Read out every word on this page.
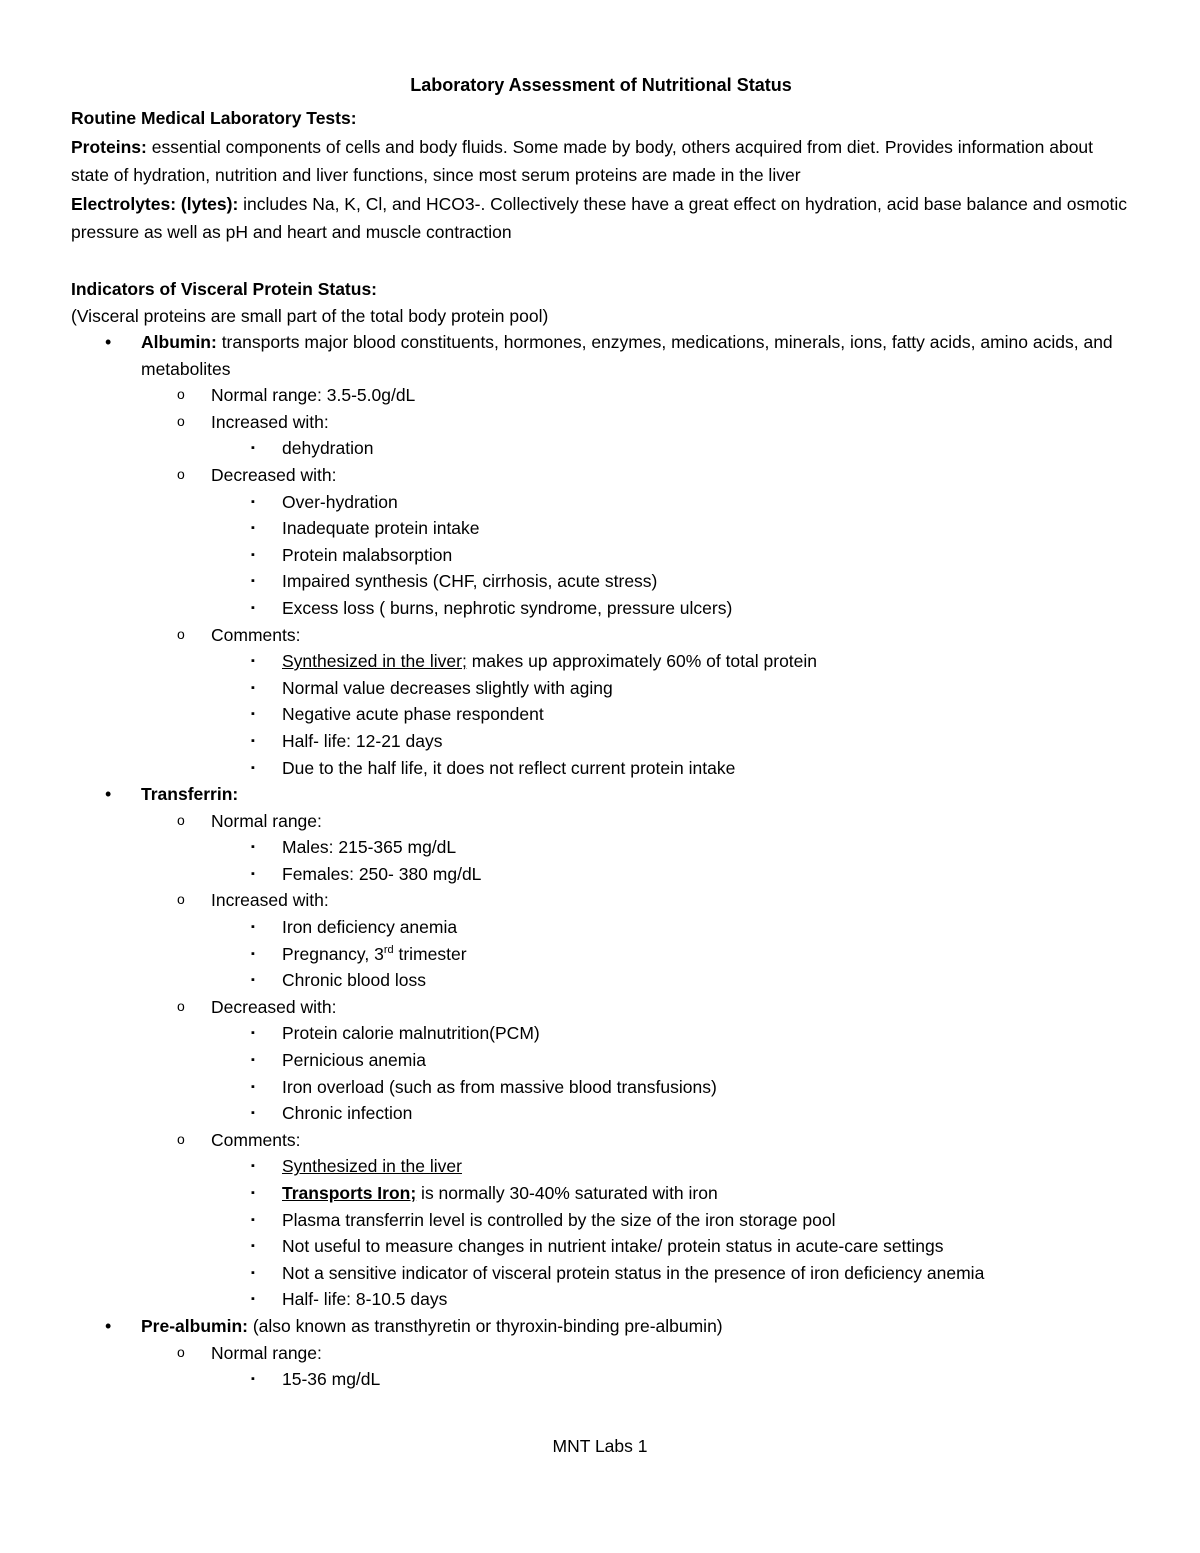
Laboratory Assessment of Nutritional Status

Routine Medical Laboratory Tests:

Proteins: essential components of cells and body fluids. Some made by body, others acquired from diet. Provides information about state of hydration, nutrition and liver functions, since most serum proteins are made in the liver

Electrolytes: (lytes): includes Na, K, Cl, and HCO3-. Collectively these have a great effect on hydration, acid base balance and osmotic pressure as well as pH and heart and muscle contraction

Indicators of Visceral Protein Status:

(Visceral proteins are small part of the total body protein pool)

• Albumin: transports major blood constituents, hormones, enzymes, medications, minerals, ions, fatty acids, amino acids, and metabolites
o Normal range: 3.5-5.0g/dL
o Increased with:
▪ dehydration
o Decreased with:
▪ Over-hydration
▪ Inadequate protein intake
▪ Protein malabsorption
▪ Impaired synthesis (CHF, cirrhosis, acute stress)
▪ Excess loss ( burns, nephrotic syndrome, pressure ulcers)
o Comments:
▪ Synthesized in the liver; makes up approximately 60% of total protein
▪ Normal value decreases slightly with aging
▪ Negative acute phase respondent
▪ Half- life: 12-21 days
▪ Due to the half life, it does not reflect current protein intake
• Transferrin:
o Normal range:
▪ Males: 215-365 mg/dL
▪ Females: 250- 380 mg/dL
o Increased with:
▪ Iron deficiency anemia
▪ Pregnancy, 3rd trimester
▪ Chronic blood loss
o Decreased with:
▪ Protein calorie malnutrition(PCM)
▪ Pernicious anemia
▪ Iron overload (such as from massive blood transfusions)
▪ Chronic infection
o Comments:
▪ Synthesized in the liver
▪ Transports Iron; is normally 30-40% saturated with iron
▪ Plasma transferrin level is controlled by the size of the iron storage pool
▪ Not useful to measure changes in nutrient intake/ protein status in acute-care settings
▪ Not a sensitive indicator of visceral protein status in the presence of iron deficiency anemia
▪ Half- life: 8-10.5 days
• Pre-albumin: (also known as transthyretin or thyroxin-binding pre-albumin)
o Normal range:
▪ 15-36 mg/dL
MNT Labs 1
